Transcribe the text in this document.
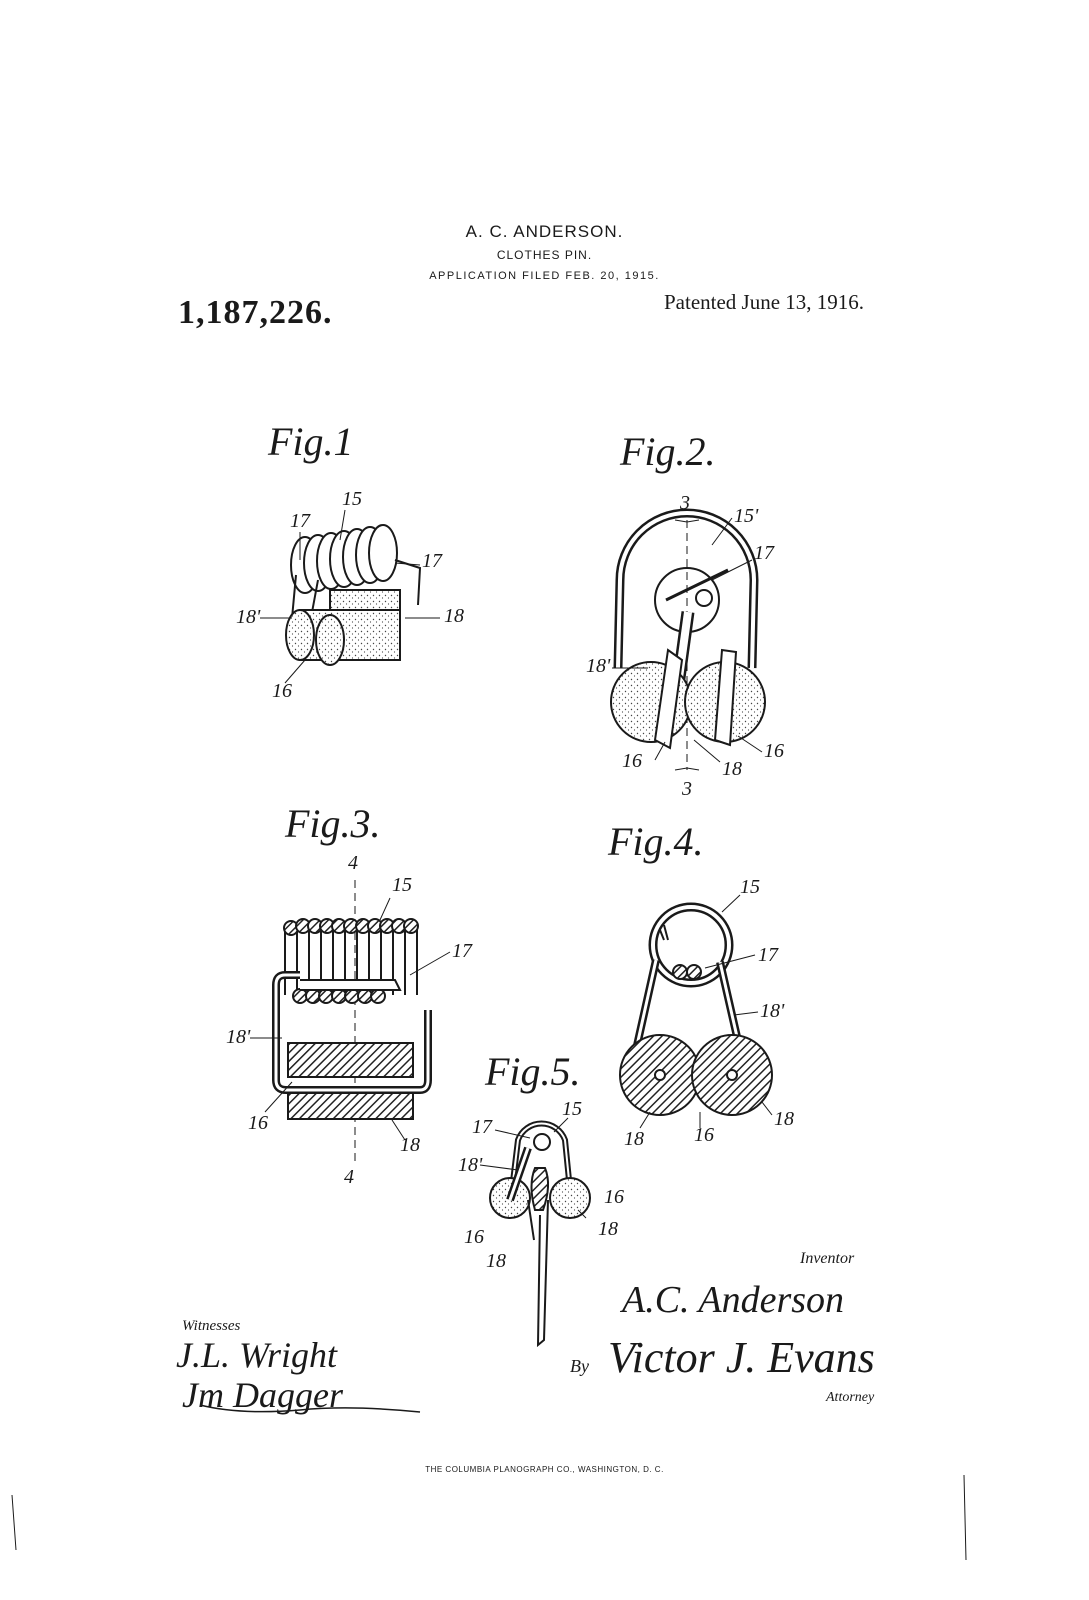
A. C. ANDERSON.
CLOTHES PIN.
APPLICATION FILED FEB. 20, 1915.
1,187,226.	Patented June 13, 1916.
Fig.1	Fig.2.
Fig.3.	Fig.4.
Fig.5.
17
15
17
18'	18
16
3
15'
17
18'
16	18
16
3
4
15
17
18'
16
18
4
15
17
18'
18	16
18
17
15
18'
16
18
16
18
Inventor
A.C. Anderson
Witnesses
J.L. Wright
Jm Dagger
By Victor J. Evans
Attorney
THE COLUMBIA PLANOGRAPH CO., WASHINGTON, D. C.
